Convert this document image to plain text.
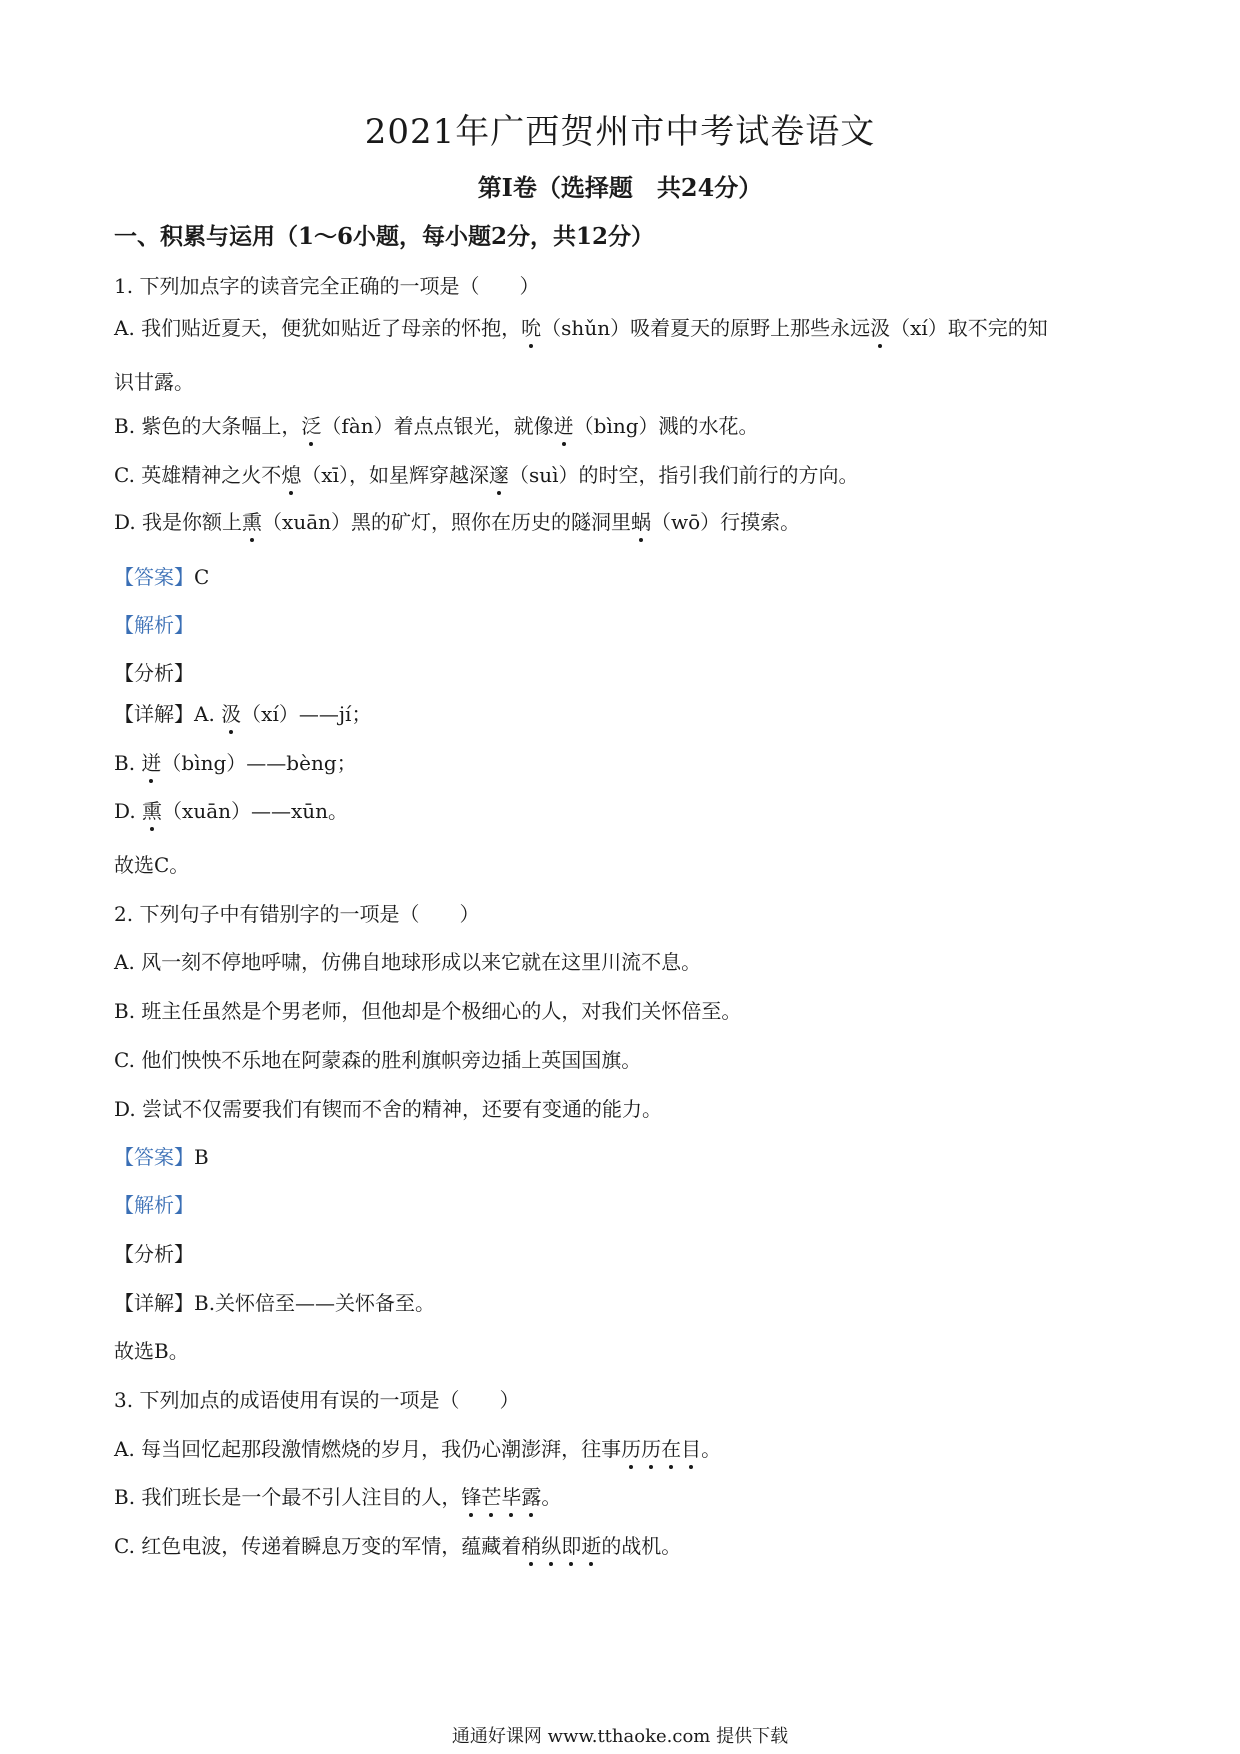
2021年广西贺州市中考试卷语文
第Ⅰ卷（选择题　共24分）
一、积累与运用（1～6小题，每小题2分，共12分）
1. 下列加点字的读音完全正确的一项是（　　）
A. 我们贴近夏天，便犹如贴近了母亲的怀抱，吮（shǔn）吸着夏天的原野上那些永远汲（xí）取不完的知
识甘露。
B. 紫色的大条幅上，泛（fàn）着点点银光，就像迸（bìng）溅的水花。
C. 英雄精神之火不熄（xī），如星辉穿越深邃（suì）的时空，指引我们前行的方向。
D. 我是你额上熏（xuān）黑的矿灯，照你在历史的隧洞里蜗（wō）行摸索。
【答案】C
【解析】
【分析】
【详解】A. 汲（xí）——jí；
B. 迸（bìng）——bèng；
D. 熏（xuān）——xūn。
故选C。
2. 下列句子中有错别字的一项是（　　）
A. 风一刻不停地呼啸，仿佛自地球形成以来它就在这里川流不息。
B. 班主任虽然是个男老师，但他却是个极细心的人，对我们关怀倍至。
C. 他们怏怏不乐地在阿蒙森的胜利旗帜旁边插上英国国旗。
D. 尝试不仅需要我们有锲而不舍的精神，还要有变通的能力。
【答案】B
【解析】
【分析】
【详解】B.关怀倍至——关怀备至。
故选B。
3. 下列加点的成语使用有误的一项是（　　）
A. 每当回忆起那段激情燃烧的岁月，我仍心潮澎湃，往事历历在目。
B. 我们班长是一个最不引人注目的人，锋芒毕露。
C. 红色电波，传递着瞬息万变的军情，蕴藏着稍纵即逝的战机。
通通好课网 www.tthaoke.com 提供下载
